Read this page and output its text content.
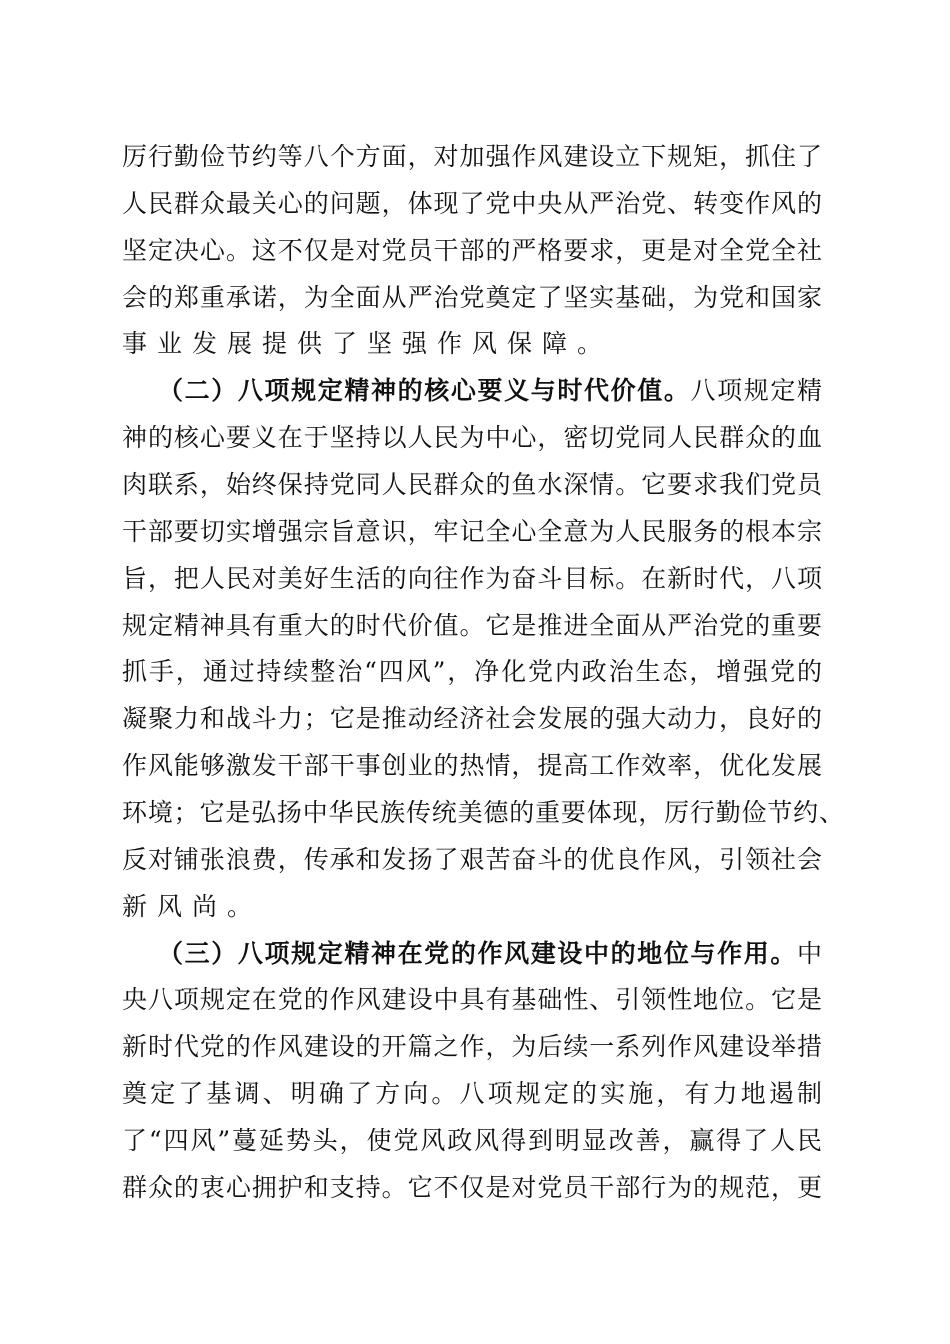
厉行勤俭节约等八个方面，对加强作风建设立下规矩，抓住了
人民群众最关心的问题，体现了党中央从严治党、转变作风的
坚定决心。这不仅是对党员干部的严格要求，更是对全党全社
会的郑重承诺，为全面从严治党奠定了坚实基础，为党和国家
事业发展提供了坚强作风保障。
（二）八项规定精神的核心要义与时代价值。八项规定精
神的核心要义在于坚持以人民为中心，密切党同人民群众的血
肉联系，始终保持党同人民群众的鱼水深情。它要求我们党员
干部要切实增强宗旨意识，牢记全心全意为人民服务的根本宗
旨，把人民对美好生活的向往作为奋斗目标。在新时代，八项
规定精神具有重大的时代价值。它是推进全面从严治党的重要
抓手，通过持续整治“四风”，净化党内政治生态，增强党的
凝聚力和战斗力；它是推动经济社会发展的强大动力，良好的
作风能够激发干部干事创业的热情，提高工作效率，优化发展
环境；它是弘扬中华民族传统美德的重要体现，厉行勤俭节约、
反对铺张浪费，传承和发扬了艰苦奋斗的优良作风，引领社会
新风尚。
（三）八项规定精神在党的作风建设中的地位与作用。中
央八项规定在党的作风建设中具有基础性、引领性地位。它是
新时代党的作风建设的开篇之作，为后续一系列作风建设举措
奠定了基调、明确了方向。八项规定的实施，有力地遏制
了“四风”蔓延势头，使党风政风得到明显改善，赢得了人民
群众的衷心拥护和支持。它不仅是对党员干部行为的规范，更
